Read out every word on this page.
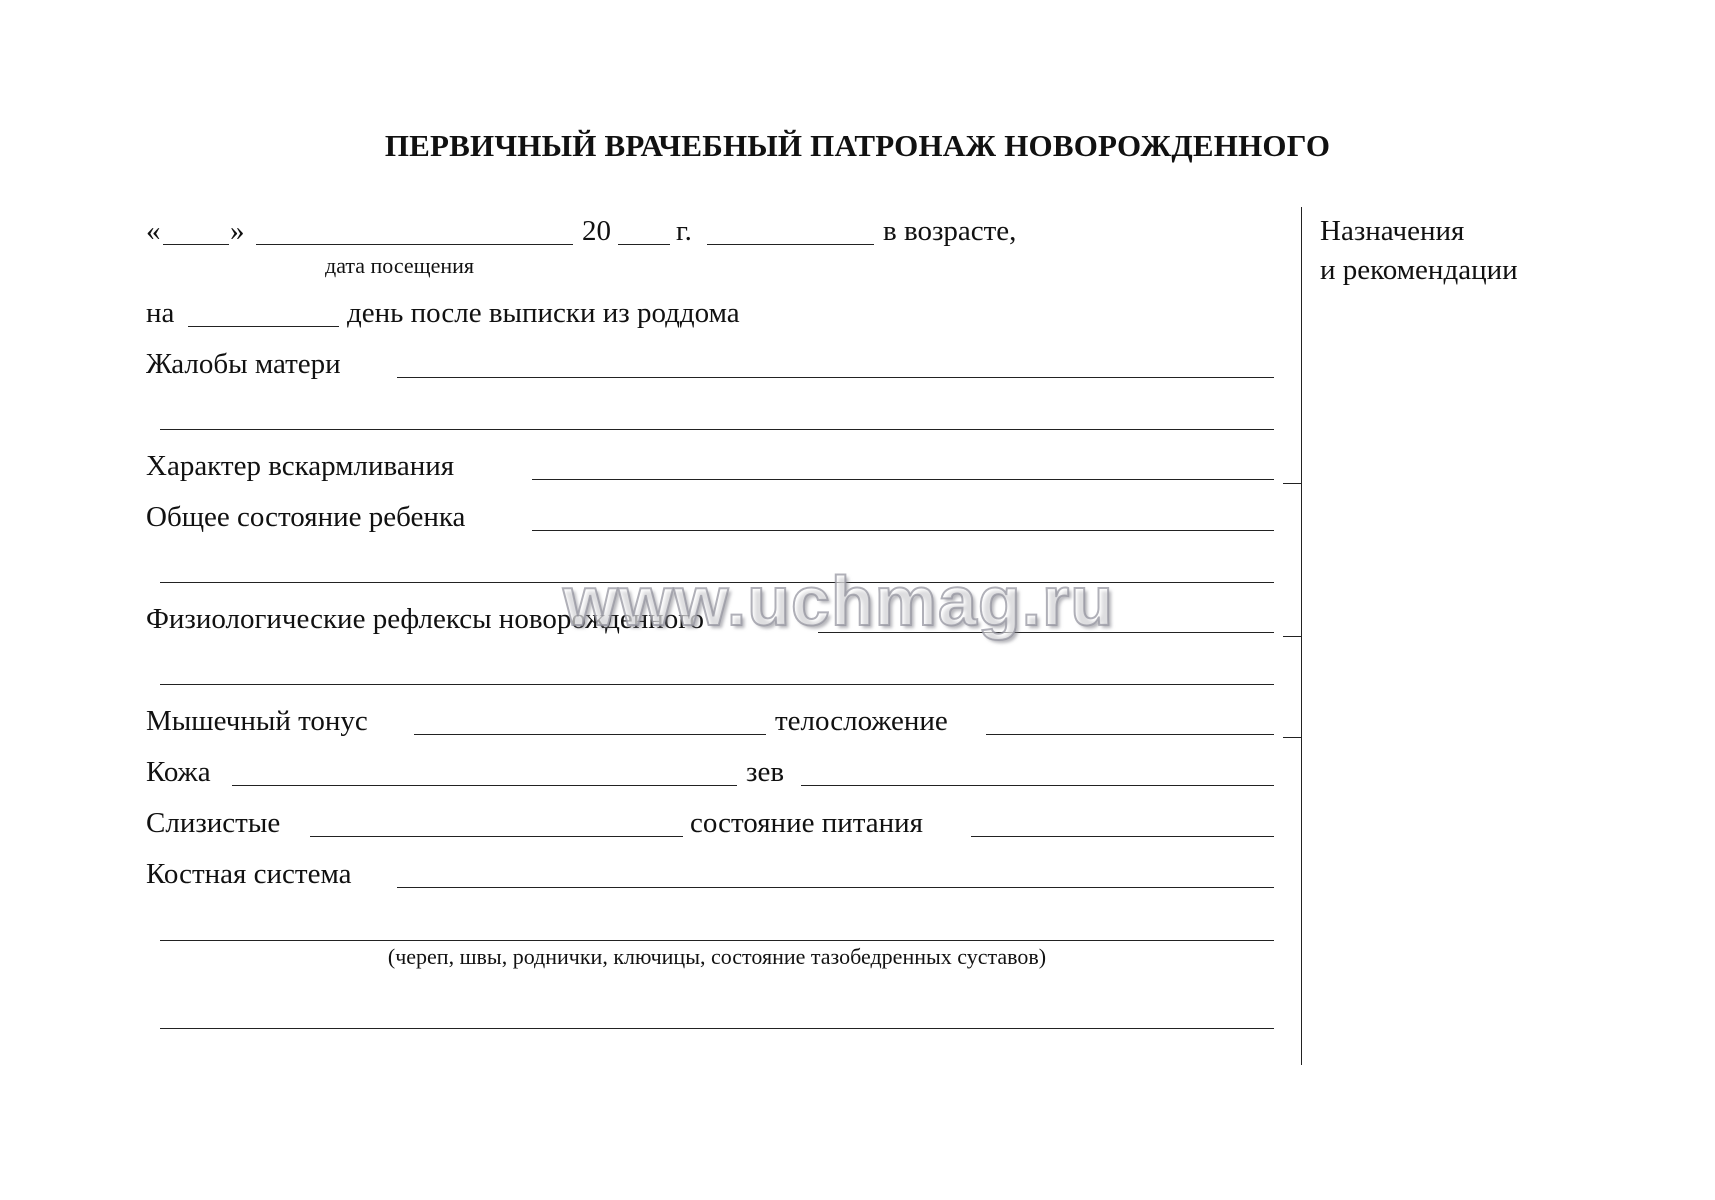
ПЕРВИЧНЫЙ ВРАЧЕБНЫЙ ПАТРОНАЖ НОВОРОЖДЕННОГО
« »	20 г.	в возрасте,
дата посещения
на	день после выписки из роддома
Жалобы матери
Характер вскармливания
Общее состояние ребенка
Физиологические рефлексы новорожденного
Мышечный тонус	телосложение
Кожа	зев
Слизистые	состояние питания
Костная система
(череп, швы, роднички, ключицы, состояние тазобедренных суставов)
Назначения
и рекомендации
www.uchmag.ru
